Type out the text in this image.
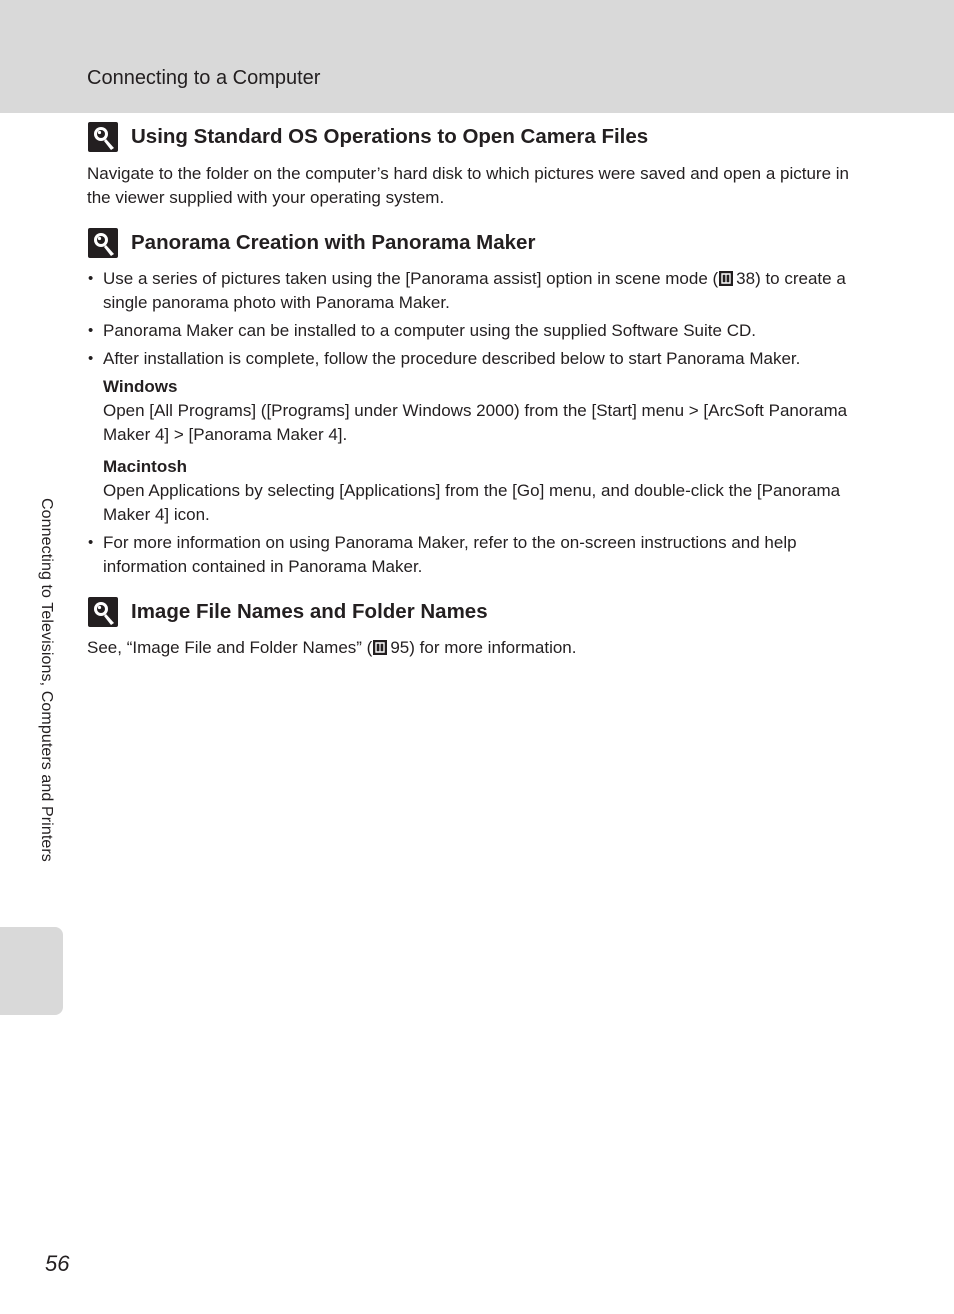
Connecting to a Computer
Connecting to Televisions, Computers and Printers
Using Standard OS Operations to Open Camera Files
Navigate to the folder on the computer’s hard disk to which pictures were saved and open a picture in the viewer supplied with your operating system.
Panorama Creation with Panorama Maker
• Use a series of pictures taken using the [Panorama assist] option in scene mode ( 38) to create a single panorama photo with Panorama Maker.
• Panorama Maker can be installed to a computer using the supplied Software Suite CD.
• After installation is complete, follow the procedure described below to start Panorama Maker.
Windows
Open [All Programs] ([Programs] under Windows 2000) from the [Start] menu > [ArcSoft Panorama Maker 4] > [Panorama Maker 4].
Macintosh
Open Applications by selecting [Applications] from the [Go] menu, and double-click the [Panorama Maker 4] icon.
• For more information on using Panorama Maker, refer to the on-screen instructions and help information contained in Panorama Maker.
Image File Names and Folder Names
See, “Image File and Folder Names” ( 95) for more information.
56
